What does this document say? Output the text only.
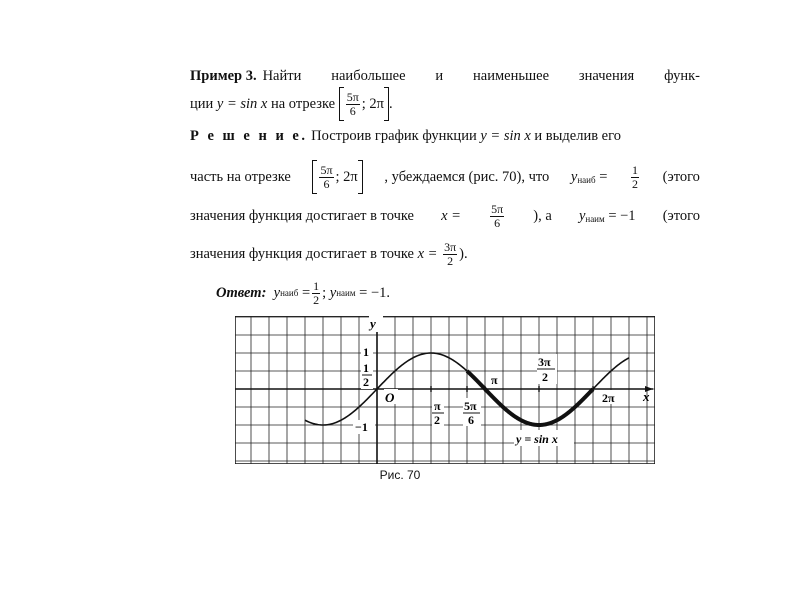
Пример 3. Найти наибольшее и наименьшее значения функ-
ции
y = sin x
на отрезке
$\frac{5\pi}{6}$ ; 2π .
Р е ш е н и е. Построив график функции y = sin x и выделив его
часть на отрезке $\frac{5\pi}{6}$ ; 2π , убеждаемся (рис. 70), что $y_{наиб} = \frac{1}{2}$ (этого
значения функция достигает в точке $x = \frac{5\pi}{6}$ ), а $y_{наим} = -1$ (этого
значения функция достигает в точке
x =
$\frac{3\pi}{2}$ ).
Ответ:
y наиб
= $\frac{1}{2}$ ;
y наим
= −1.
y
x
O
1
1
2
−1
π
2
5π
6
π
3π
2
2π
y = sin x
Рис. 70
